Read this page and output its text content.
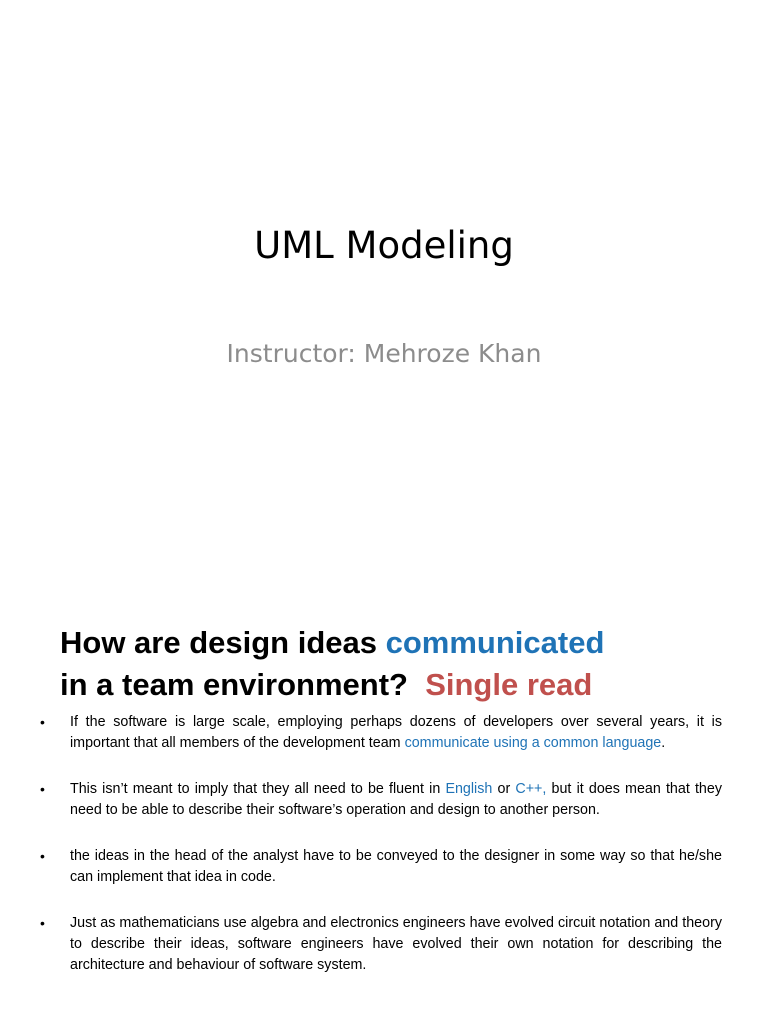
UML Modeling
Instructor: Mehroze Khan
How are design ideas communicated
in a team environment? Single read
•	If the software is large scale, employing perhaps dozens of developers over several years, it is important that all members of the development team communicate using a common language.
•	This isn’t meant to imply that they all need to be fluent in English or C++, but it does mean that they need to be able to describe their software’s operation and design to another person.
•	the ideas in the head of the analyst have to be conveyed to the designer in some way so that he/she can implement that idea in code.
•	Just as mathematicians use algebra and electronics engineers have evolved circuit notation and theory to describe their ideas, software engineers have evolved their own notation for describing the architecture and behaviour of software system.
